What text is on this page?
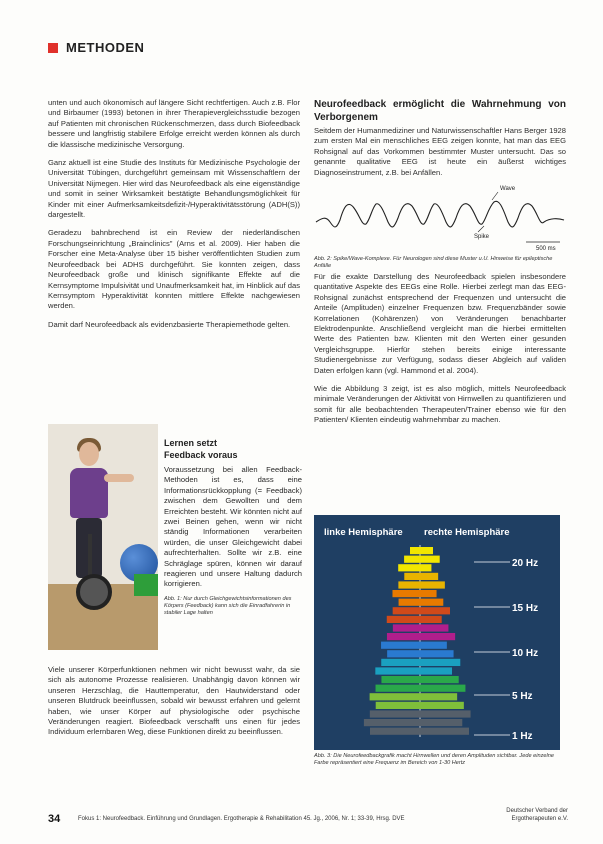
METHODEN

unten und auch ökonomisch auf längere Sicht rechtfertigen. Auch z.B. Flor und Birbaumer (1993) betonen in ihrer Therapievergleichsstudie bezogen auf Patienten mit chronischen Rückenschmerzen, dass durch Biofeedback bessere und langfristig stabilere Erfolge erreicht werden können als durch die klassische medizinische Versorgung.

Ganz aktuell ist eine Studie des Instituts für Medizinische Psychologie der Universität Tübingen, durchgeführt gemeinsam mit Wissenschaftlern der Universität Nijmegen. Hier wird das Neurofeedback als eine eigenständige und somit in seiner Wirksamkeit bestätigte Behandlungsmöglichkeit für Kinder mit einer Aufmerksamkeitsdefizit-/Hyperaktivitätsstörung (ADH(S)) dargestellt.

Geradezu bahnbrechend ist ein Review der niederländischen Forschungseinrichtung „Brainclinics" (Arns et al. 2009). Hier haben die Forscher eine Meta-Analyse über 15 bisher veröffentlichten Studien zum Neurofeedback bei ADHS durchgeführt. Sie konnten zeigen, dass Neurofeedback große und klinisch signifikante Effekte auf die Kernsymptome Impulsivität und Unaufmerksamkeit hat, im Hinblick auf das Kernsymptom Hyperaktivität konnten mittlere Effekte nachgewiesen werden.

Damit darf Neurofeedback als evidenzbasierte Therapiemethode gelten.

Lernen setzt
Feedback voraus
Voraussetzung bei allen Feedback-Methoden ist es, dass eine Informationsrückkopplung (= Feedback) zwischen dem Gewollten und dem Erreichten besteht. Wir könnten nicht auf zwei Beinen gehen, wenn wir nicht ständig Informationen verarbeiten würden, die unser Gleichgewicht dabei aufrechterhalten. Sollte wir z.B. eine Schräglage spüren, können wir darauf reagieren und unsere Haltung dadurch korrigieren.
Abb. 1: Nur durch Gleichgewichtsinformationen des Körpers (Feedback) kann sich die Einradfahrerin in stabiler Lage halten

Viele unserer Körperfunktionen nehmen wir nicht bewusst wahr, da sie sich als autonome Prozesse realisieren. Unabhängig davon können wir unseren Herzschlag, die Hauttemperatur, den Hautwiderstand oder unseren Blutdruck beeinflussen, sobald wir bewusst erfahren und gelernt haben, wie unser Körper auf physiologische oder psychische Veränderungen reagiert. Biofeedback verschafft uns einen für jedes Individuum erlernbaren Weg, diese Funktionen direkt zu beeinflussen.

Neurofeedback ermöglicht die Wahrnehmung von Verborgenem

Seitdem der Humanmediziner und Naturwissenschaftler Hans Berger 1928 zum ersten Mal ein menschliches EEG zeigen konnte, hat man das EEG Rohsignal auf das Vorkommen bestimmter Muster untersucht. Das so genannte qualitative EEG ist heute ein äußerst wichtiges Diagnoseinstrument, z.B. bei Anfällen.

Wave
Spike
500 ms
Abb. 2: Spike/Wave-Komplexe. Für Neurologen sind diese Muster u.U. Hinweise für epileptische Anfälle

Für die exakte Darstellung des Neurofeedback spielen insbesondere quantitative Aspekte des EEGs eine Rolle. Hierbei zerlegt man das EEG-Rohsignal zunächst entsprechend der Frequenzen und untersucht die Anteile (Amplituden) einzelner Frequenzen bzw. Frequenzbänder sowie Korrelationen (Kohärenzen) von Veränderungen benachbarter Elektrodenpunkte. Anschließend vergleicht man die hierbei ermittelten Werte des Patienten bzw. Klienten mit den Werten einer gesunden Vergleichsgruppe. Hierfür stehen bereits einige interessante Studienergebnisse zur Verfügung, sodass dieser Abgleich auf validen Daten erfolgen kann (vgl. Hammond et al. 2004).

Wie die Abbildung 3 zeigt, ist es also möglich, mittels Neurofeedback minimale Veränderungen der Aktivität von Hirnwellen zu quantifizieren und somit für alle beobachtenden Therapeuten/Trainer ebenso wie für den Patienten/ Klienten eindeutig wahrnehmbar zu machen.

linke Hemisphäre rechte Hemisphäre
20 Hz
15 Hz
10 Hz
5 Hz
1 Hz
Abb. 3: Die Neurofeedbackgrafik macht Hirnwellen und deren Amplituden sichtbar. Jede einzelne Farbe repräsentiert eine Frequenz im Bereich von 1-30 Hertz
34	Fokus 1: Neurofeedback. Einführung und Grundlagen. Ergotherapie & Rehabilitation 45. Jg., 2006, Nr. 1; 33-39, Hrsg. DVE
Deutscher Verband der
Ergotherapeuten e.V.
